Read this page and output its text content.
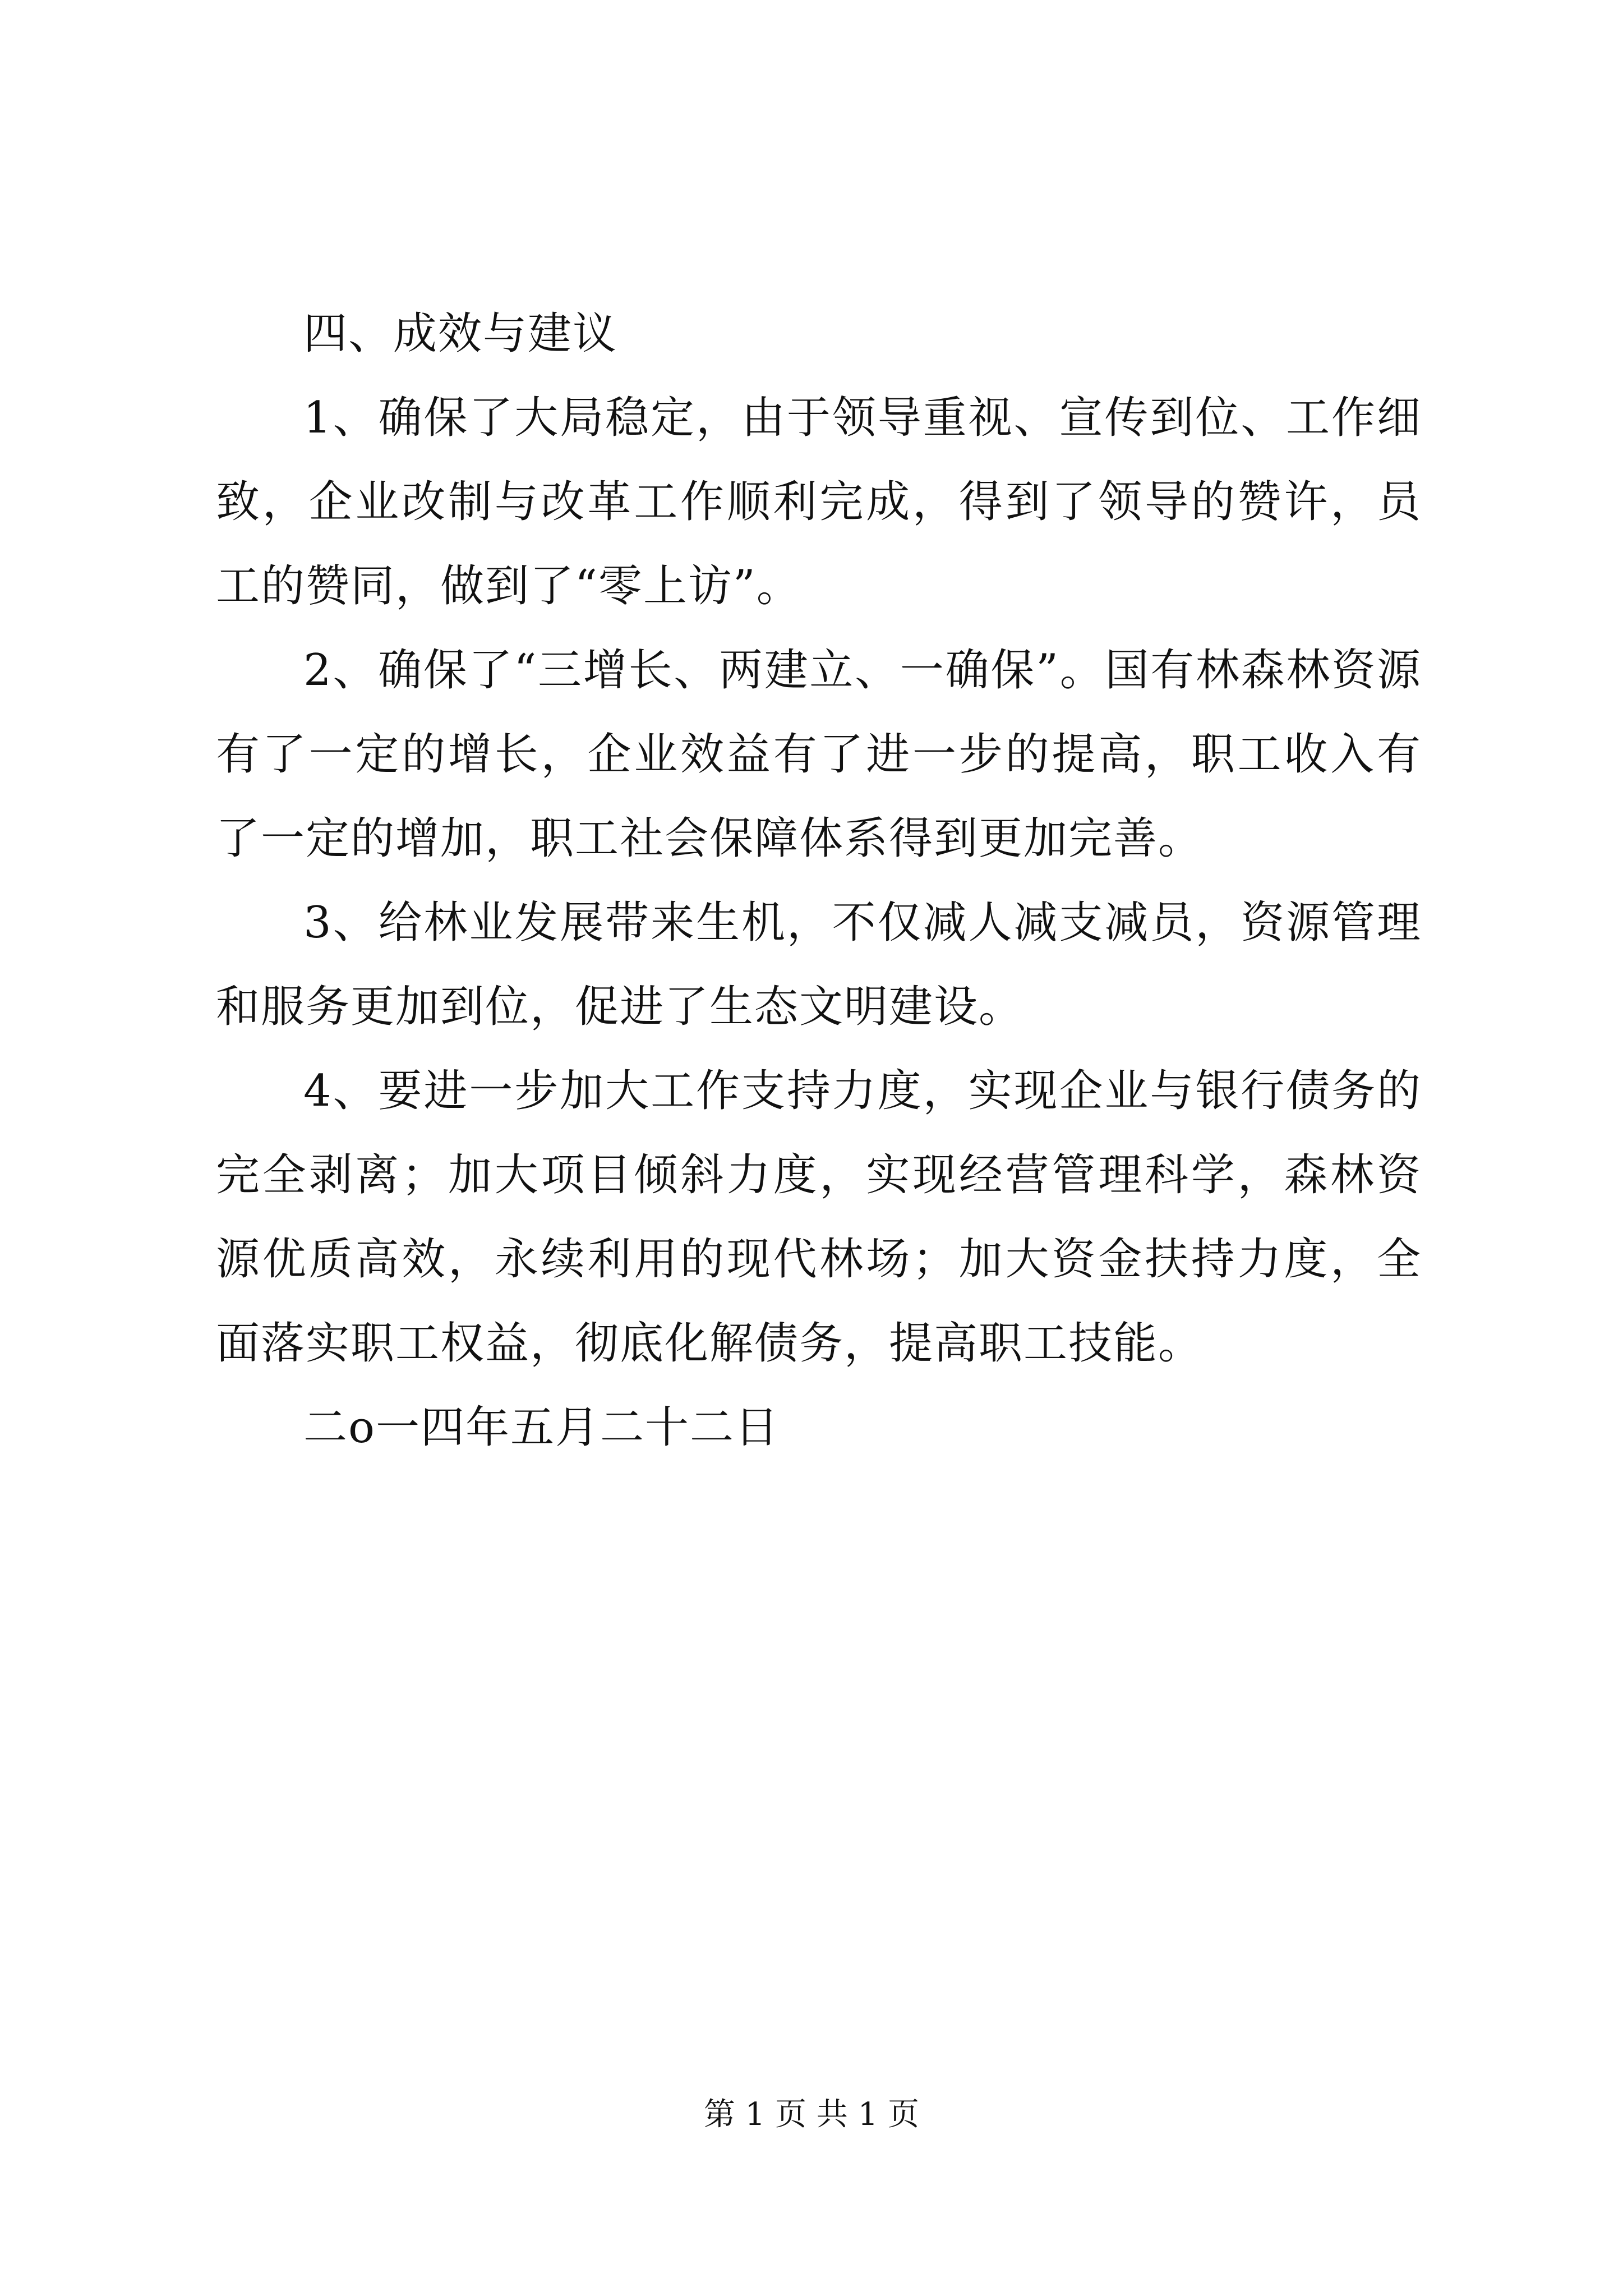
四、成效与建议

1、确保了大局稳定，由于领导重视、宣传到位、工作细致，企业改制与改革工作顺利完成，得到了领导的赞许，员工的赞同，做到了“零上访”。

2、确保了“三增长、两建立、一确保”。国有林森林资源有了一定的增长，企业效益有了进一步的提高，职工收入有了一定的增加，职工社会保障体系得到更加完善。

3、给林业发展带来生机，不仅减人减支减员，资源管理和服务更加到位，促进了生态文明建设。

4、要进一步加大工作支持力度，实现企业与银行债务的完全剥离；加大项目倾斜力度，实现经营管理科学，森林资源优质高效，永续利用的现代林场；加大资金扶持力度，全面落实职工权益，彻底化解债务，提高职工技能。

二o一四年五月二十二日

第 1 页 共 1 页
